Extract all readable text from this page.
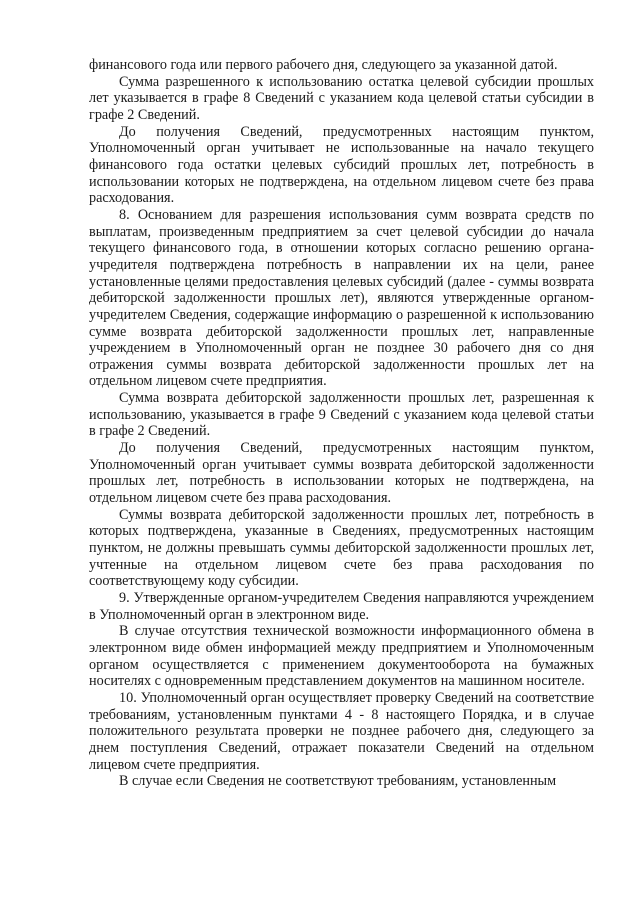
финансового года или первого рабочего дня, следующего за указанной датой.

Сумма разрешенного к использованию остатка целевой субсидии прошлых лет указывается в графе 8 Сведений с указанием кода целевой статьи субсидии в графе 2 Сведений.

До получения Сведений, предусмотренных настоящим пунктом, Уполномоченный орган учитывает не использованные на начало текущего финансового года остатки целевых субсидий прошлых лет, потребность в использовании которых не подтверждена, на отдельном лицевом счете без права расходования.

8. Основанием для разрешения использования сумм возврата средств по выплатам, произведенным предприятием за счет целевой субсидии до начала текущего финансового года, в отношении которых согласно решению органа-учредителя подтверждена потребность в направлении их на цели, ранее установленные целями предоставления целевых субсидий (далее - суммы возврата дебиторской задолженности прошлых лет), являются утвержденные органом-учредителем Сведения, содержащие информацию о разрешенной к использованию сумме возврата дебиторской задолженности прошлых лет, направленные учреждением в Уполномоченный орган не позднее 30 рабочего дня со дня отражения суммы возврата дебиторской задолженности прошлых лет на отдельном лицевом счете предприятия.

Сумма возврата дебиторской задолженности прошлых лет, разрешенная к использованию, указывается в графе 9 Сведений с указанием кода целевой статьи в графе 2 Сведений.

До получения Сведений, предусмотренных настоящим пунктом, Уполномоченный орган учитывает суммы возврата дебиторской задолженности прошлых лет, потребность в использовании которых не подтверждена, на отдельном лицевом счете без права расходования.

Суммы возврата дебиторской задолженности прошлых лет, потребность в которых подтверждена, указанные в Сведениях, предусмотренных настоящим пунктом, не должны превышать суммы дебиторской задолженности прошлых лет, учтенные на отдельном лицевом счете без права расходования по соответствующему коду субсидии.

9. Утвержденные органом-учредителем Сведения направляются учреждением в Уполномоченный орган в электронном виде.

В случае отсутствия технической возможности информационного обмена в электронном виде обмен информацией между предприятием и Уполномоченным органом осуществляется с применением документооборота на бумажных носителях с одновременным представлением документов на машинном носителе.

10. Уполномоченный орган осуществляет проверку Сведений на соответствие требованиям, установленным пунктами 4 - 8 настоящего Порядка, и в случае положительного результата проверки не позднее рабочего дня, следующего за днем поступления Сведений, отражает показатели Сведений на отдельном лицевом счете предприятия.

В случае если Сведения не соответствуют требованиям, установленным
